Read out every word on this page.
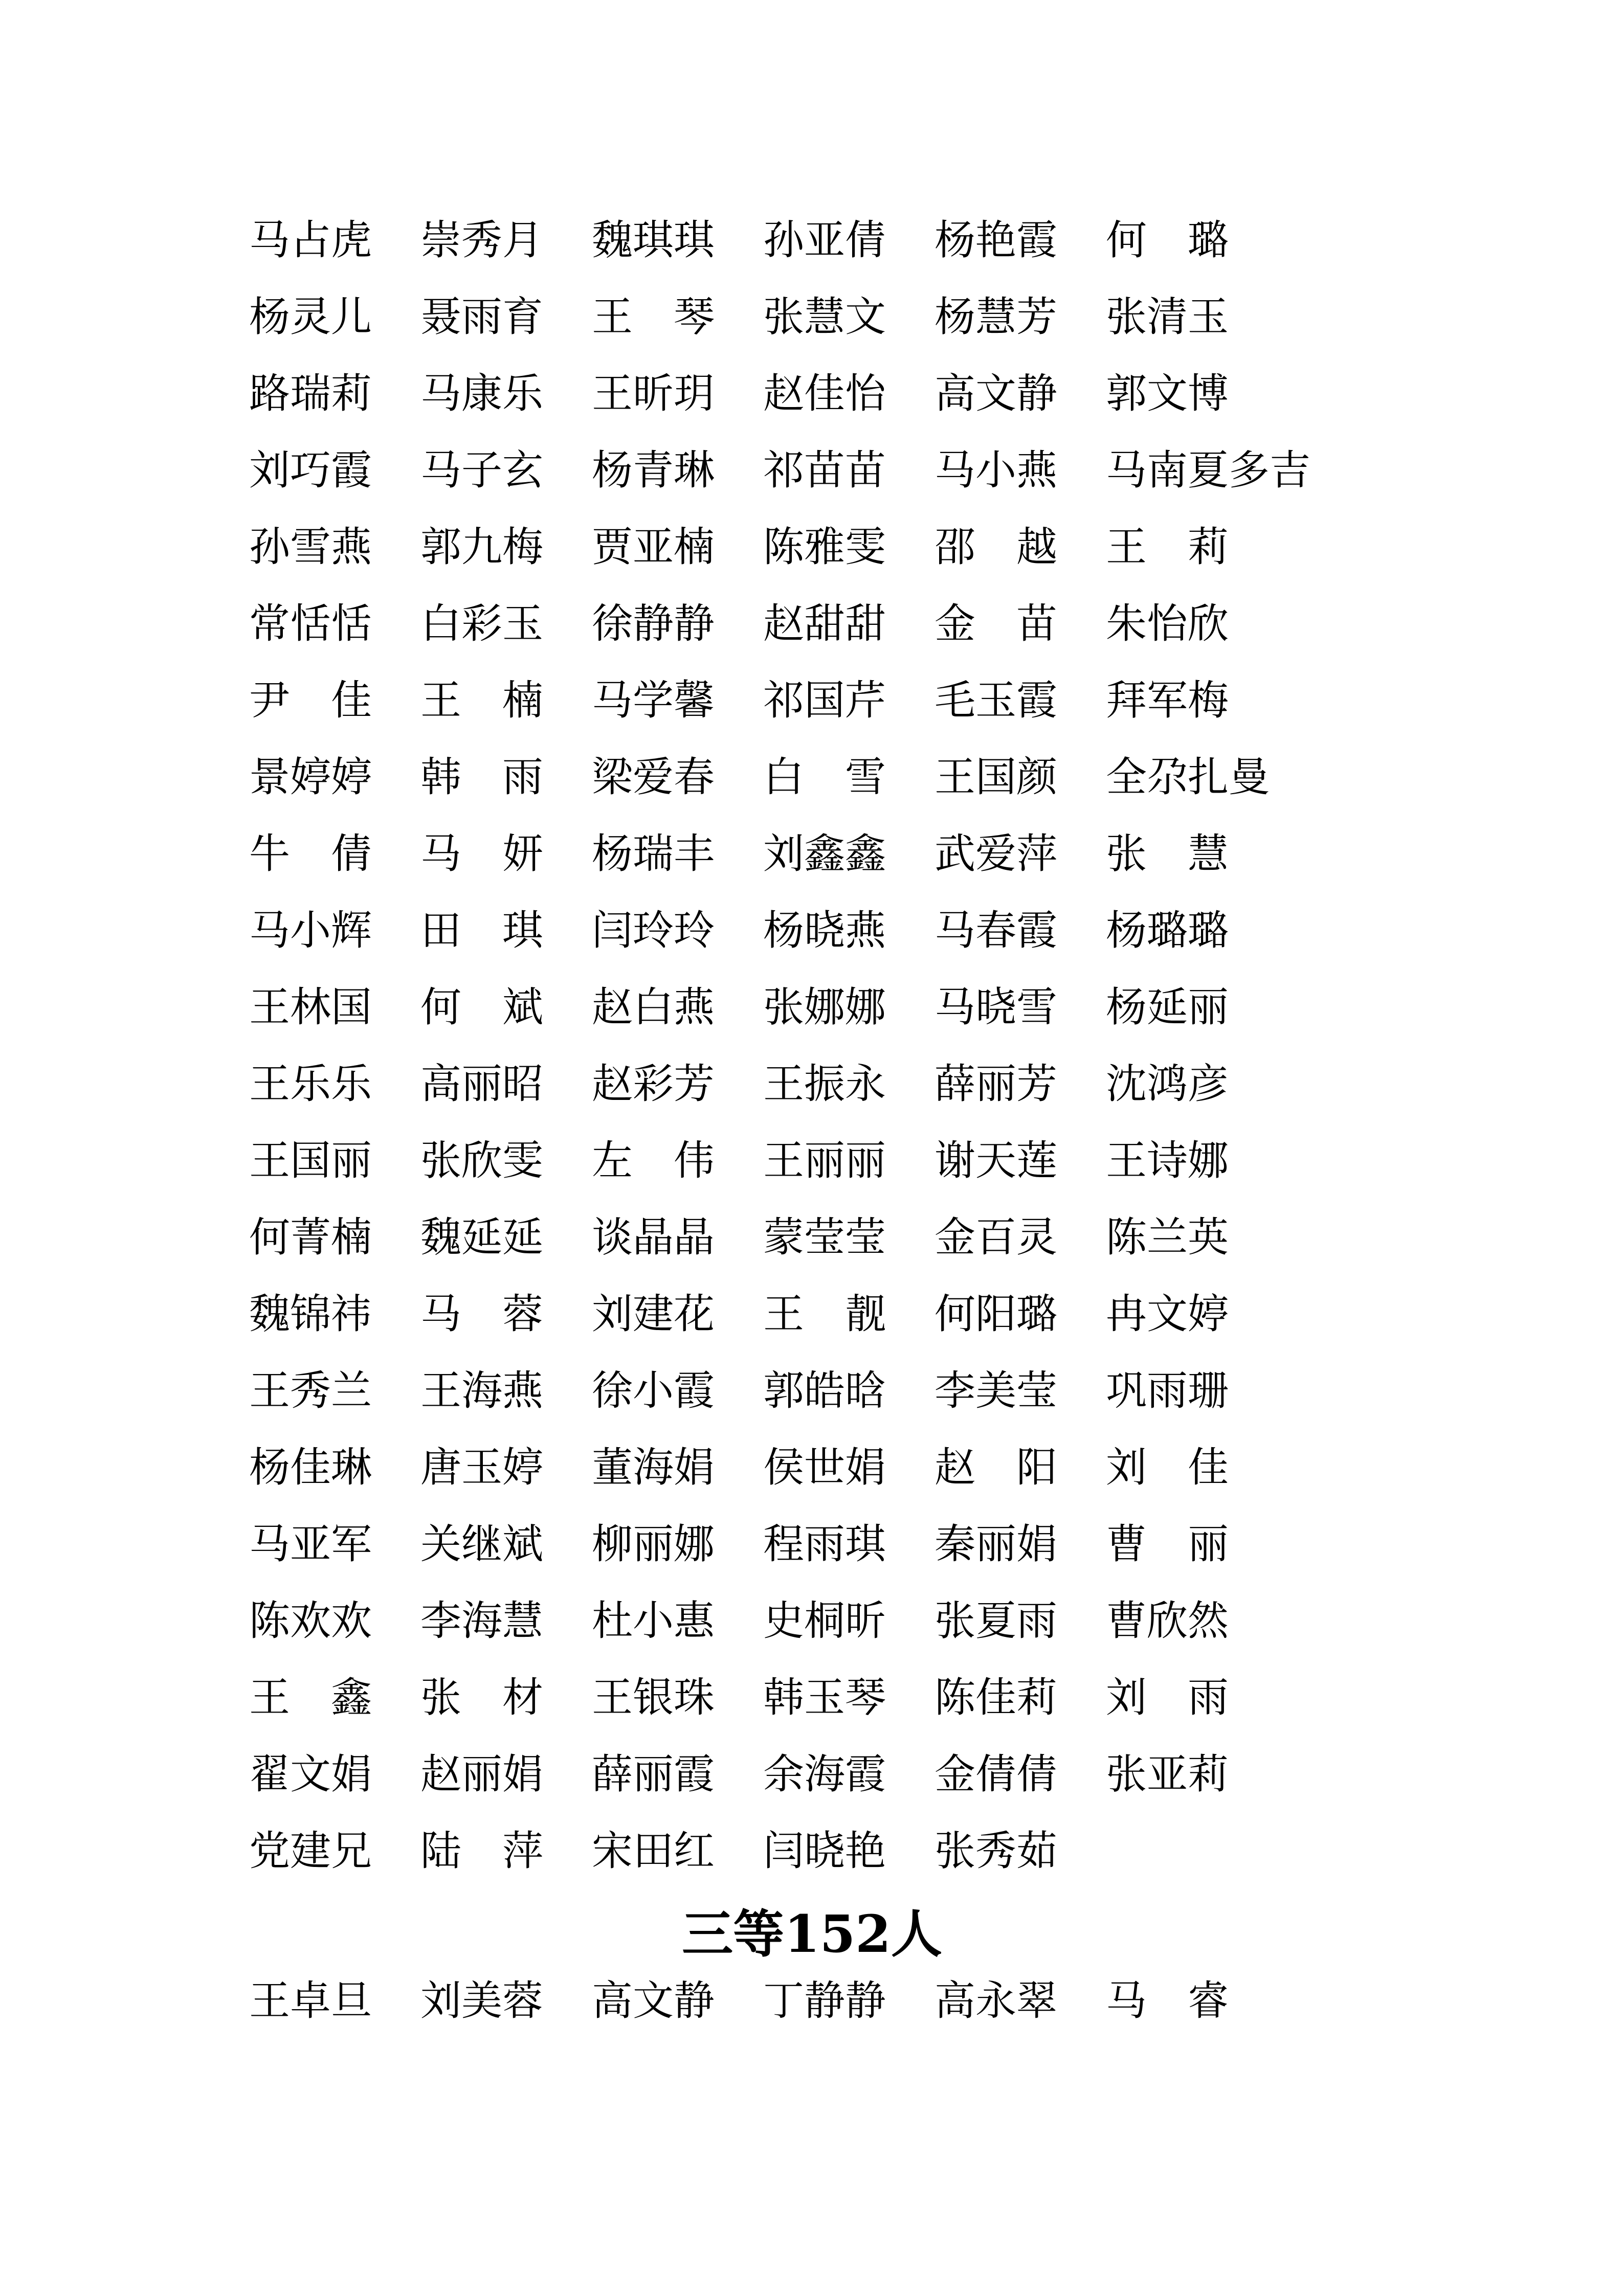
马 占 虎 崇 秀 月 魏 琪 琪 孙 亚 倩 杨 艳 霞 何 璐
杨 灵 儿 聂 雨 育 王 琴 张 慧 文 杨 慧 芳 张 清 玉
路 瑞 莉 马 康 乐 王 昕 玥 赵 佳 怡 高 文 静 郭 文 博
刘 巧 霞 马 子 玄 杨 青 琳 祁 苗 苗 马 小 燕 马 南 夏 多 吉
孙 雪 燕 郭 九 梅 贾 亚 楠 陈 雅 雯 邵 越 王 莉
常 恬 恬 白 彩 玉 徐 静 静 赵 甜 甜 金 苗 朱 怡 欣
尹 佳 王 楠 马 学 馨 祁 国 芹 毛 玉 霞 拜 军 梅
景 婷 婷 韩 雨 梁 爱 春 白 雪 王 国 颜 全 尕 扎 曼
牛 倩 马 妍 杨 瑞 丰 刘 鑫 鑫 武 爱 萍 张 慧
马 小 辉 田 琪 闫 玲 玲 杨 晓 燕 马 春 霞 杨 璐 璐
王 林 国 何 斌 赵 白 燕 张 娜 娜 马 晓 雪 杨 延 丽
王 乐 乐 高 丽 昭 赵 彩 芳 王 振 永 薛 丽 芳 沈 鸿 彦
王 国 丽 张 欣 雯 左 伟 王 丽 丽 谢 天 莲 王 诗 娜
何 菁 楠 魏 延 延 谈 晶 晶 蒙 莹 莹 金 百 灵 陈 兰 英
魏 锦 祎 马 蓉 刘 建 花 王 靓 何 阳 璐 冉 文 婷
王 秀 兰 王 海 燕 徐 小 霞 郭 皓 晗 李 美 莹 巩 雨 珊
杨 佳 琳 唐 玉 婷 董 海 娟 侯 世 娟 赵 阳 刘 佳
马 亚 军 关 继 斌 柳 丽 娜 程 雨 琪 秦 丽 娟 曹 丽
陈 欢 欢 李 海 慧 杜 小 惠 史 桐 昕 张 夏 雨 曹 欣 然
王 鑫 张 材 王 银 珠 韩 玉 琴 陈 佳 莉 刘 雨
翟 文 娟 赵 丽 娟 薛 丽 霞 余 海 霞 金 倩 倩 张 亚 莉
党 建 兄 陆 萍 宋 田 红 闫 晓 艳 张 秀 茹
三等152人
王 卓 旦 刘 美 蓉 高 文 静 丁 静 静 高 永 翠 马 睿
